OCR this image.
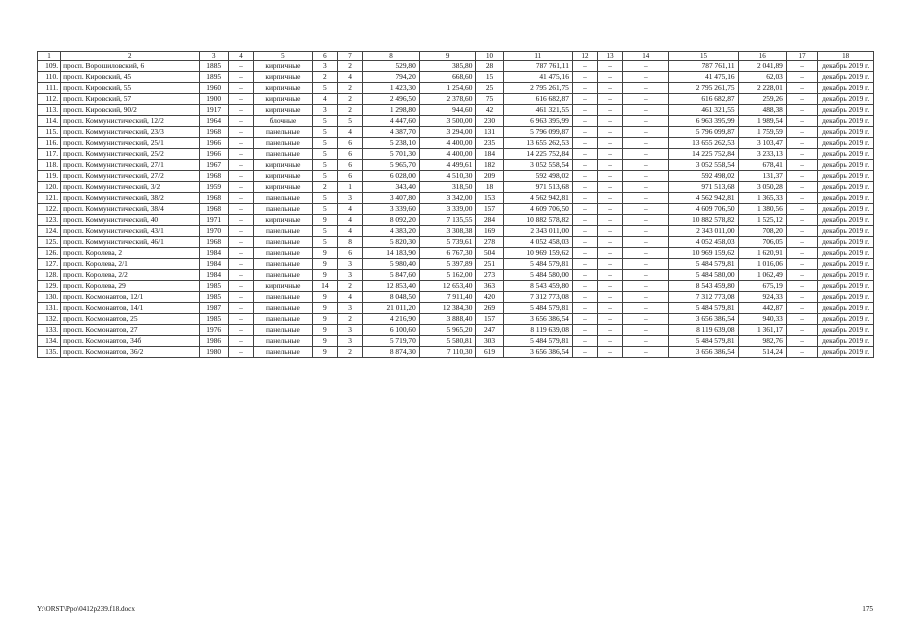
1	2	3	4	5	6	7	8	9	10	11	12	13	14	15	16	17	18
109.	просп. Ворошиловский, 6	1885	–	кирпичные	3	2	529,80	385,80	28	787 761,11	–	–	–	787 761,11	2 041,89	–	декабрь 2019 г.
110.	просп. Кировский, 45	1895	–	кирпичные	2	4	794,20	668,60	15	41 475,16	–	–	–	41 475,16	62,03	–	декабрь 2019 г.
111.	просп. Кировский, 55	1960	–	кирпичные	5	2	1 423,30	1 254,60	25	2 795 261,75	–	–	–	2 795 261,75	2 228,01	–	декабрь 2019 г.
112.	просп. Кировский, 57	1900	–	кирпичные	4	2	2 496,50	2 378,60	75	616 682,87	–	–	–	616 682,87	259,26	–	декабрь 2019 г.
113.	просп. Кировский, 90/2	1917	–	кирпичные	3	2	1 298,80	944,60	42	461 321,55	–	–	–	461 321,55	488,38	–	декабрь 2019 г.
114.	просп. Коммунистический, 12/2	1964	–	блочные	5	5	4 447,60	3 500,00	230	6 963 395,99	–	–	–	6 963 395,99	1 989,54	–	декабрь 2019 г.
115.	просп. Коммунистический, 23/3	1968	–	панельные	5	4	4 387,70	3 294,00	131	5 796 099,87	–	–	–	5 796 099,87	1 759,59	–	декабрь 2019 г.
116.	просп. Коммунистический, 25/1	1966	–	панельные	5	6	5 238,10	4 400,00	235	13 655 262,53	–	–	–	13 655 262,53	3 103,47	–	декабрь 2019 г.
117.	просп. Коммунистический, 25/2	1966	–	панельные	5	6	5 701,30	4 400,00	184	14 225 752,84	–	–	–	14 225 752,84	3 233,13	–	декабрь 2019 г.
118.	просп. Коммунистический, 27/1	1967	–	кирпичные	5	6	5 965,70	4 499,61	182	3 052 558,54	–	–	–	3 052 558,54	678,41	–	декабрь 2019 г.
119.	просп. Коммунистический, 27/2	1968	–	кирпичные	5	6	6 028,00	4 510,30	209	592 498,02	–	–	–	592 498,02	131,37	–	декабрь 2019 г.
120.	просп. Коммунистический, 3/2	1959	–	кирпичные	2	1	343,40	318,50	18	971 513,68	–	–	–	971 513,68	3 050,28	–	декабрь 2019 г.
121.	просп. Коммунистический, 38/2	1968	–	панельные	5	3	3 407,80	3 342,00	153	4 562 942,81	–	–	–	4 562 942,81	1 365,33	–	декабрь 2019 г.
122.	просп. Коммунистический, 38/4	1968	–	панельные	5	4	3 339,60	3 339,00	157	4 609 706,50	–	–	–	4 609 706,50	1 380,56	–	декабрь 2019 г.
123.	просп. Коммунистический, 40	1971	–	кирпичные	9	4	8 092,20	7 135,55	284	10 882 578,82	–	–	–	10 882 578,82	1 525,12	–	декабрь 2019 г.
124.	просп. Коммунистический, 43/1	1970	–	панельные	5	4	4 383,20	3 308,38	169	2 343 011,00	–	–	–	2 343 011,00	708,20	–	декабрь 2019 г.
125.	просп. Коммунистический, 46/1	1968	–	панельные	5	8	5 820,30	5 739,61	278	4 052 458,03	–	–	–	4 052 458,03	706,05	–	декабрь 2019 г.
126.	просп. Королева, 2	1984	–	панельные	9	6	14 183,90	6 767,30	504	10 969 159,62	–	–	–	10 969 159,62	1 620,91	–	декабрь 2019 г.
127.	просп. Королева, 2/1	1984	–	панельные	9	3	5 980,40	5 397,89	251	5 484 579,81	–	–	–	5 484 579,81	1 016,06	–	декабрь 2019 г.
128.	просп. Королева, 2/2	1984	–	панельные	9	3	5 847,60	5 162,00	273	5 484 580,00	–	–	–	5 484 580,00	1 062,49	–	декабрь 2019 г.
129.	просп. Королева, 29	1985	–	кирпичные	14	2	12 853,40	12 653,40	363	8 543 459,80	–	–	–	8 543 459,80	675,19	–	декабрь 2019 г.
130.	просп. Космонавтов, 12/1	1985	–	панельные	9	4	8 048,50	7 911,40	420	7 312 773,08	–	–	–	7 312 773,08	924,33	–	декабрь 2019 г.
131.	просп. Космонавтов, 14/1	1987	–	панельные	9	3	21 011,20	12 384,30	269	5 484 579,81	–	–	–	5 484 579,81	442,87	–	декабрь 2019 г.
132.	просп. Космонавтов, 25	1985	–	панельные	9	2	4 216,90	3 888,40	157	3 656 386,54	–	–	–	3 656 386,54	940,33	–	декабрь 2019 г.
133.	просп. Космонавтов, 27	1976	–	панельные	9	3	6 100,60	5 965,20	247	8 119 639,08	–	–	–	8 119 639,08	1 361,17	–	декабрь 2019 г.
134.	просп. Космонавтов, 34б	1986	–	панельные	9	3	5 719,70	5 580,81	303	5 484 579,81	–	–	–	5 484 579,81	982,76	–	декабрь 2019 г.
135.	просп. Космонавтов, 36/2	1980	–	панельные	9	2	8 874,30	7 110,30	619	3 656 386,54	–	–	–	3 656 386,54	514,24	–	декабрь 2019 г.
Y:\ORST\Ppo\0412p239.f18.docx	175
